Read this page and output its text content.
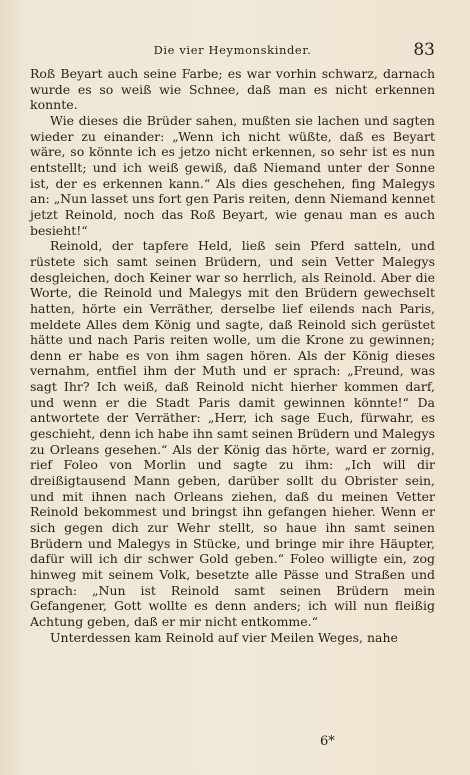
Die vier Heymonskinder.	83

Roß Beyart auch seine Farbe; es war vorhin schwarz, darnach wurde es so weiß wie Schnee, daß man es nicht erkennen konnte.

Wie dieses die Brüder sahen, mußten sie lachen und sagten wieder zu einander: „Wenn ich nicht wüßte, daß es Beyart wäre, so könnte ich es jetzo nicht erkennen, so sehr ist es nun entstellt; und ich weiß gewiß, daß Niemand unter der Sonne ist, der es erkennen kann.“ Als dies geschehen, fing Malegys an: „Nun lasset uns fort gen Paris reiten, denn Niemand kennet jetzt Reinold, noch das Roß Beyart, wie genau man es auch besieht!“

Reinold, der tapfere Held, ließ sein Pferd satteln, und rüstete sich samt seinen Brüdern, und sein Vetter Malegys desgleichen, doch Keiner war so herrlich, als Reinold. Aber die Worte, die Reinold und Malegys mit den Brüdern gewechselt hatten, hörte ein Verräther, derselbe lief eilends nach Paris, meldete Alles dem König und sagte, daß Reinold sich gerüstet hätte und nach Paris reiten wolle, um die Krone zu gewinnen; denn er habe es von ihm sagen hören. Als der König dieses vernahm, entfiel ihm der Muth und er sprach: „Freund, was sagt Ihr? Ich weiß, daß Reinold nicht hierher kommen darf, und wenn er die Stadt Paris damit gewinnen könnte!“ Da antwortete der Verräther: „Herr, ich sage Euch, fürwahr, es geschieht, denn ich habe ihn samt seinen Brüdern und Malegys zu Orleans gesehen.“ Als der König das hörte, ward er zornig, rief Foleo von Morlin und sagte zu ihm: „Ich will dir dreißigtausend Mann geben, darüber sollt du Obrister sein, und mit ihnen nach Orleans ziehen, daß du meinen Vetter Reinold bekommest und bringst ihn gefangen hieher. Wenn er sich gegen dich zur Wehr stellt, so haue ihn samt seinen Brüdern und Malegys in Stücke, und bringe mir ihre Häupter, dafür will ich dir schwer Gold geben.“ Foleo willigte ein, zog hinweg mit seinem Volk, besetzte alle Pässe und Straßen und sprach: „Nun ist Reinold samt seinen Brüdern mein Gefangener, Gott wollte es denn anders; ich will nun fleißig Achtung geben, daß er mir nicht entkomme.“

Unterdessen kam Reinold auf vier Meilen Weges, nahe

6*
